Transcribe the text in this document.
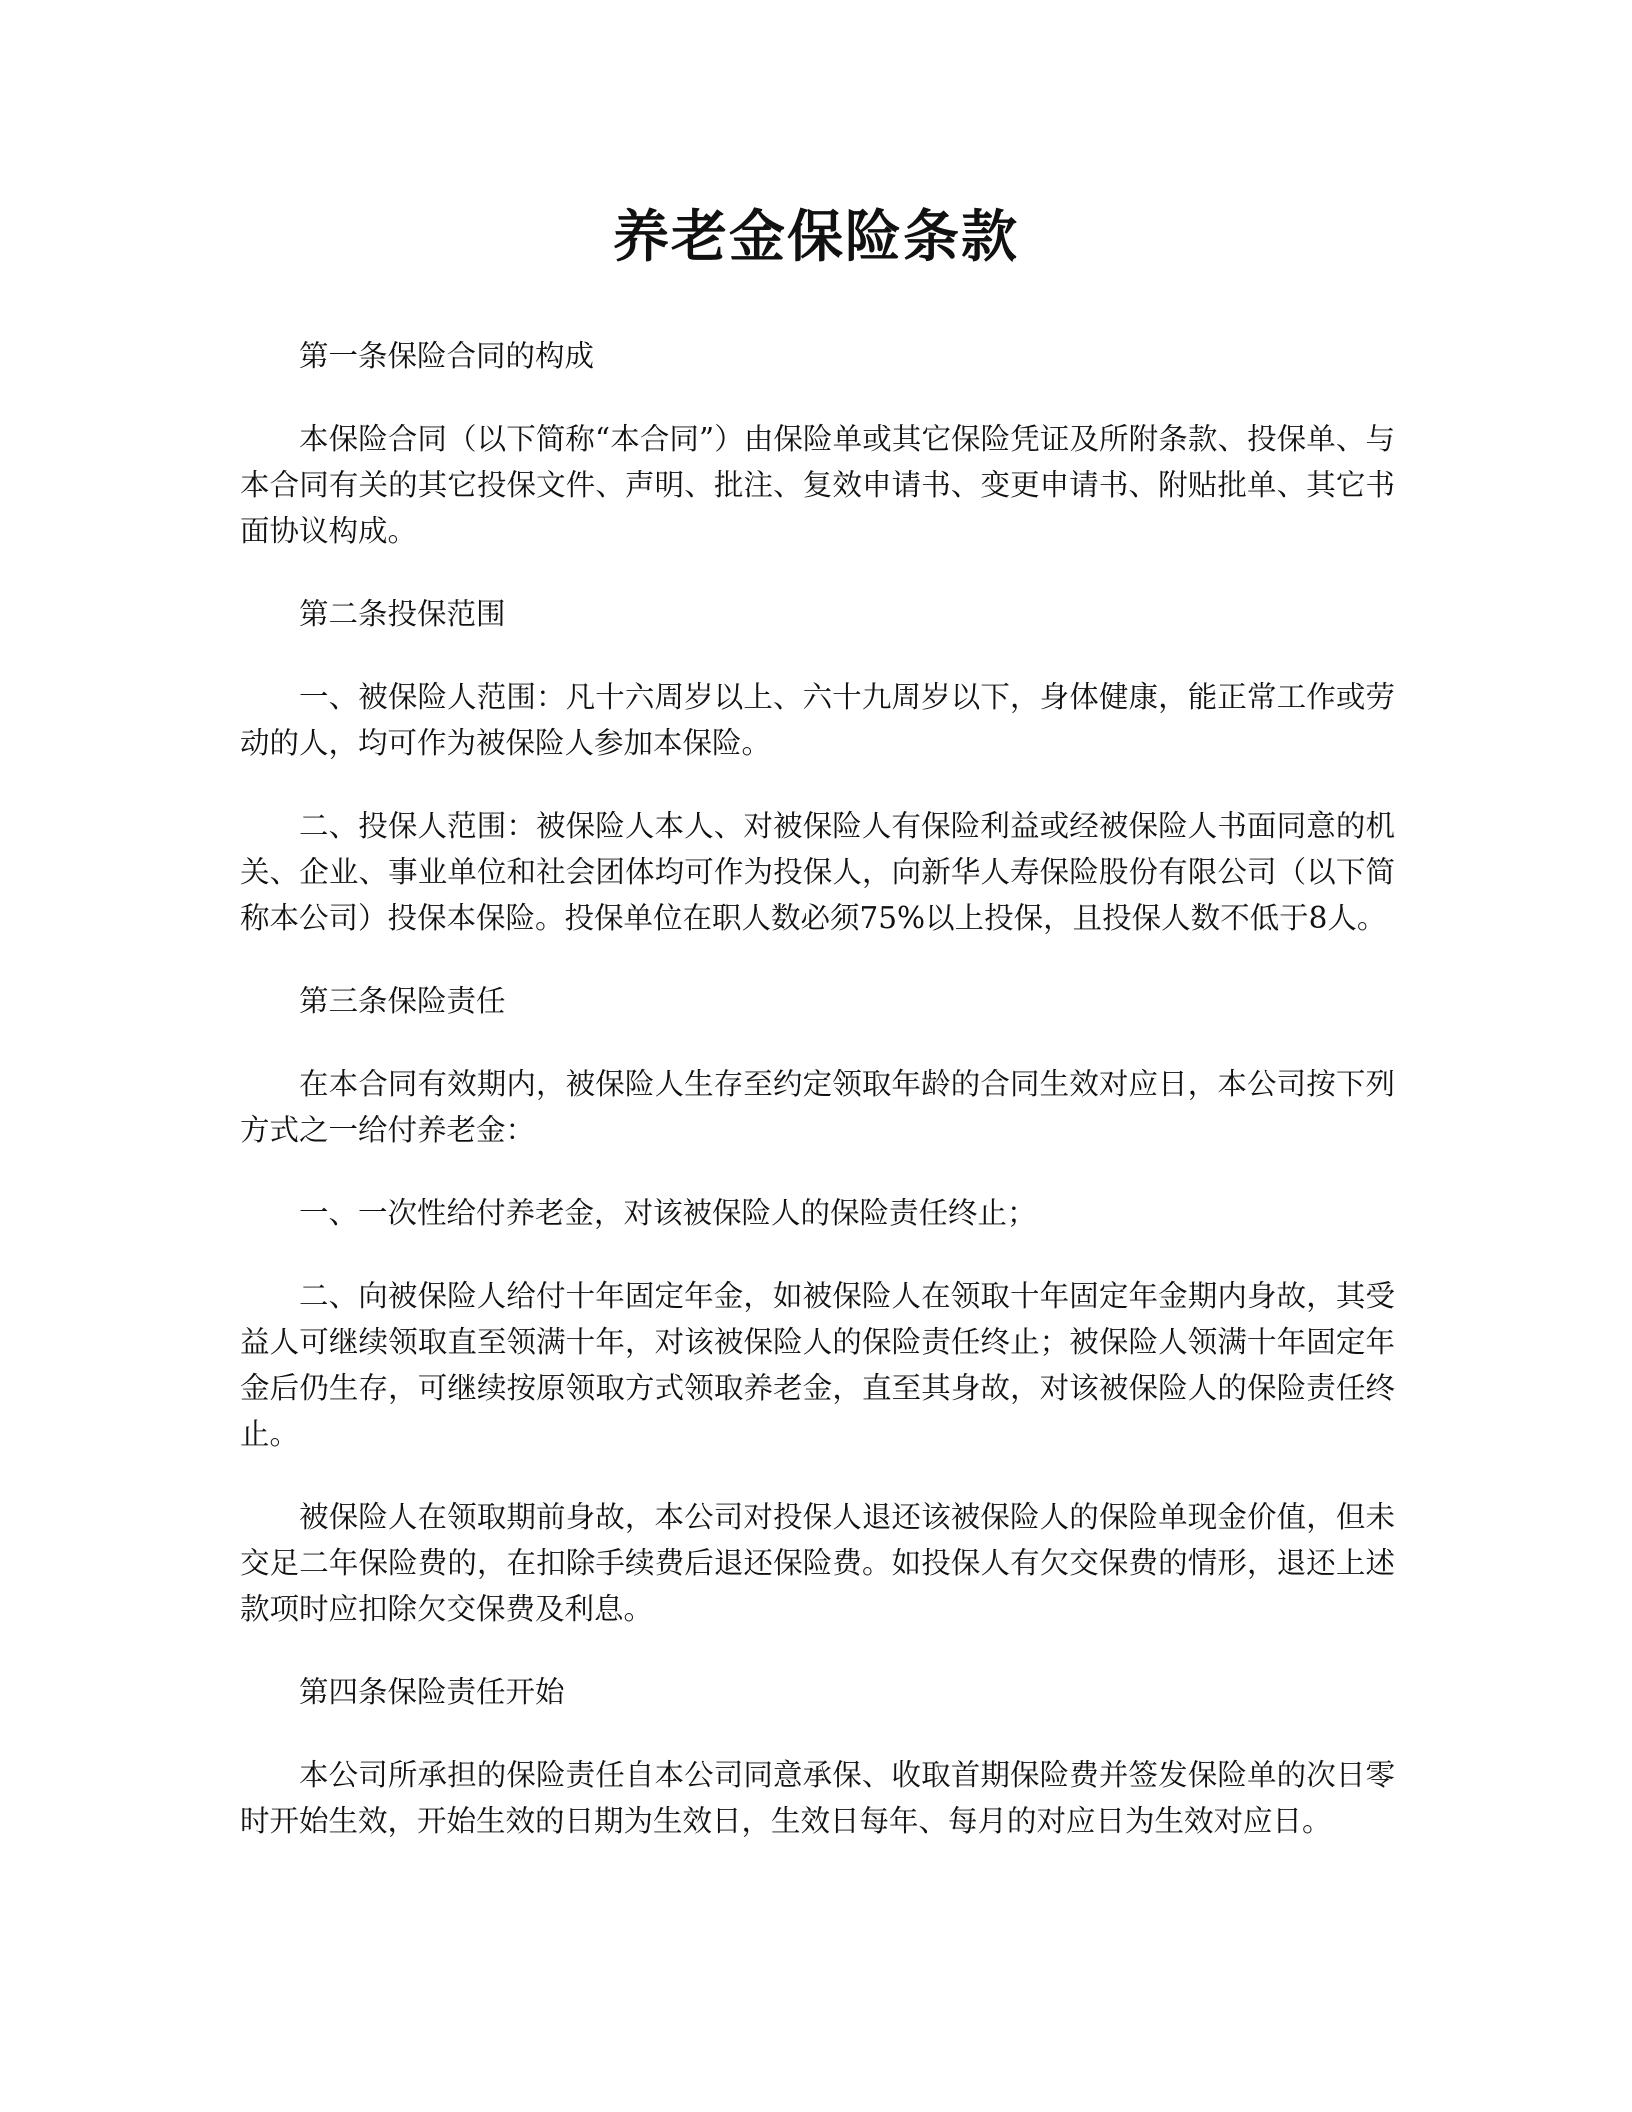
养老金保险条款

第一条保险合同的构成

本保险合同（以下简称“本合同”）由保险单或其它保险凭证及所附条款、投保单、与本合同有关的其它投保文件、声明、批注、复效申请书、变更申请书、附贴批单、其它书面协议构成。

第二条投保范围

一、被保险人范围：凡十六周岁以上、六十九周岁以下，身体健康，能正常工作或劳动的人，均可作为被保险人参加本保险。

二、投保人范围：被保险人本人、对被保险人有保险利益或经被保险人书面同意的机关、企业、事业单位和社会团体均可作为投保人，向新华人寿保险股份有限公司（以下简称本公司）投保本保险。投保单位在职人数必须75%以上投保，且投保人数不低于8人。

第三条保险责任

在本合同有效期内，被保险人生存至约定领取年龄的合同生效对应日，本公司按下列方式之一给付养老金：

一、一次性给付养老金，对该被保险人的保险责任终止；

二、向被保险人给付十年固定年金，如被保险人在领取十年固定年金期内身故，其受益人可继续领取直至领满十年，对该被保险人的保险责任终止；被保险人领满十年固定年金后仍生存，可继续按原领取方式领取养老金，直至其身故，对该被保险人的保险责任终止。

被保险人在领取期前身故，本公司对投保人退还该被保险人的保险单现金价值，但未交足二年保险费的，在扣除手续费后退还保险费。如投保人有欠交保费的情形，退还上述款项时应扣除欠交保费及利息。

第四条保险责任开始

本公司所承担的保险责任自本公司同意承保、收取首期保险费并签发保险单的次日零时开始生效，开始生效的日期为生效日，生效日每年、每月的对应日为生效对应日。
